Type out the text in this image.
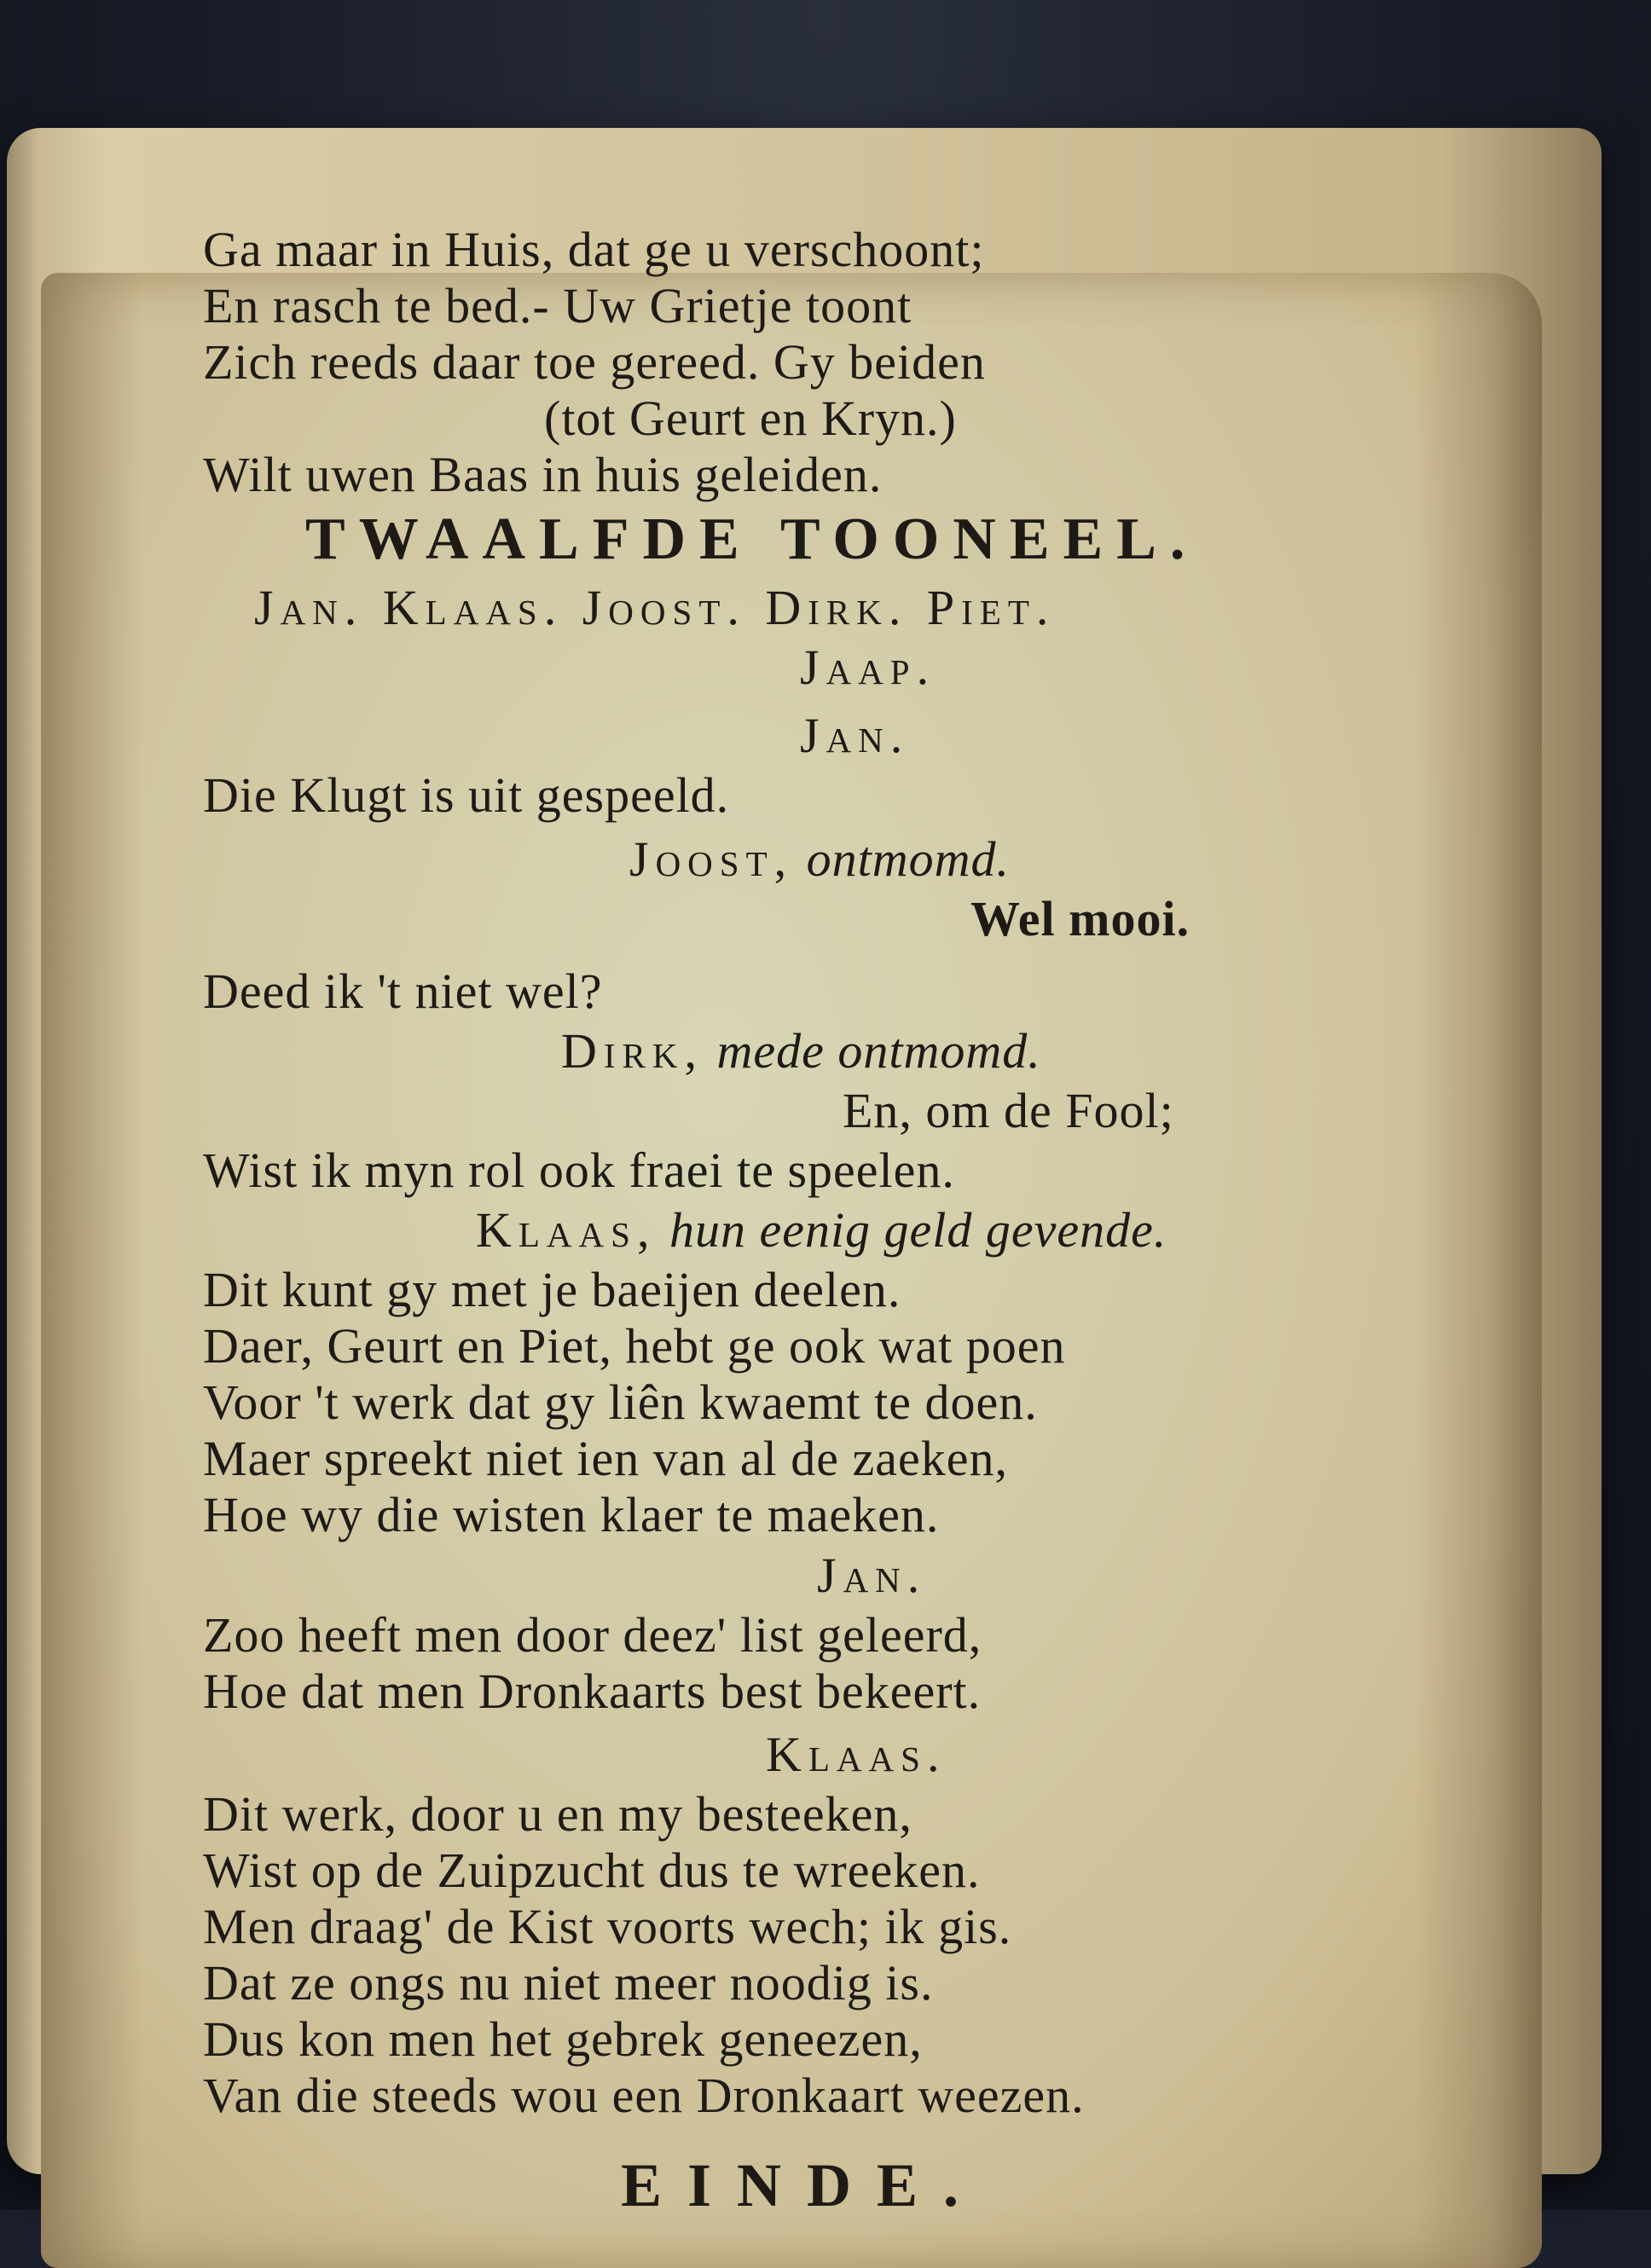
Ga maar in Huis, dat ge u verschoont;
En rasch te bed.- Uw Grietje toont
Zich reeds daar toe gereed. Gy beiden
(tot Geurt en Kryn.)
Wilt uwen Baas in huis geleiden.
TWAALFDE TOONEEL.
Jan. Klaas. Joost. Dirk. Piet.
Jaap.
Jan.
Die Klugt is uit gespeeld.
Joost, ontmomd.
Wel mooi.
Deed ik 't niet wel?
Dirk, mede ontmomd.
En, om de Fool;
Wist ik myn rol ook fraei te speelen.
Klaas, hun eenig geld gevende.
Dit kunt gy met je baeijen deelen.
Daer, Geurt en Piet, hebt ge ook wat poen
Voor 't werk dat gy liên kwaemt te doen.
Maer spreekt niet ien van al de zaeken,
Hoe wy die wisten klaer te maeken.
Jan.
Zoo heeft men door deez' list geleerd,
Hoe dat men Dronkaarts best bekeert.
Klaas.
Dit werk, door u en my besteeken,
Wist op de Zuipzucht dus te wreeken.
Men draag' de Kist voorts wech; ik gis.
Dat ze ongs nu niet meer noodig is.
Dus kon men het gebrek geneezen,
Van die steeds wou een Dronkaart weezen.
EINDE.
